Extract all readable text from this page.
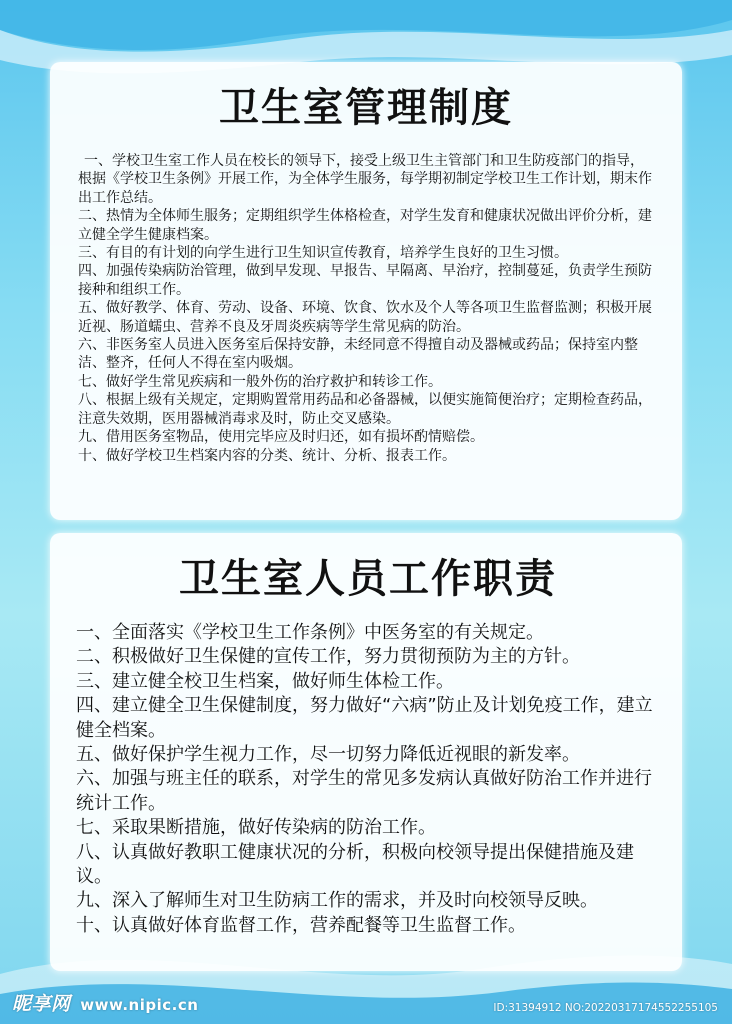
卫生室管理制度
一、学校卫生室工作人员在校长的领导下，接受上级卫生主管部门和卫生防疫部门的指导，根据《学校卫生条例》开展工作，为全体学生服务，每学期初制定学校卫生工作计划，期末作出工作总结。
二、热情为全体师生服务；定期组织学生体格检查，对学生发育和健康状况做出评价分析，建立健全学生健康档案。
三、有目的有计划的向学生进行卫生知识宣传教育，培养学生良好的卫生习惯。
四、加强传染病防治管理，做到早发现、早报告、早隔离、早治疗，控制蔓延，负责学生预防接种和组织工作。
五、做好教学、体育、劳动、设备、环境、饮食、饮水及个人等各项卫生监督监测；积极开展近视、肠道蠕虫、营养不良及牙周炎疾病等学生常见病的防治。
六、非医务室人员进入医务室后保持安静，未经同意不得擅自动及器械或药品；保持室内整洁、整齐，任何人不得在室内吸烟。
七、做好学生常见疾病和一般外伤的治疗救护和转诊工作。
八、根据上级有关规定，定期购置常用药品和必备器械，以便实施简便治疗；定期检查药品，注意失效期，医用器械消毒求及时，防止交叉感染。
九、借用医务室物品，使用完毕应及时归还，如有损坏酌情赔偿。
十、做好学校卫生档案内容的分类、统计、分析、报表工作。
卫生室人员工作职责
一、全面落实《学校卫生工作条例》中医务室的有关规定。
二、积极做好卫生保健的宣传工作，努力贯彻预防为主的方针。
三、建立健全校卫生档案，做好师生体检工作。
四、建立健全卫生保健制度，努力做好“六病”防止及计划免疫工作，建立健全档案。
五、做好保护学生视力工作，尽一切努力降低近视眼的新发率。
六、加强与班主任的联系，对学生的常见多发病认真做好防治工作并进行统计工作。
七、采取果断措施，做好传染病的防治工作。
八、认真做好教职工健康状况的分析，积极向校领导提出保健措施及建议。
九、深入了解师生对卫生防病工作的需求，并及时向校领导反映。
十、认真做好体育监督工作，营养配餐等卫生监督工作。
昵享网 www.nipic.cn	ID:31394912 NO:20220317174552255105
